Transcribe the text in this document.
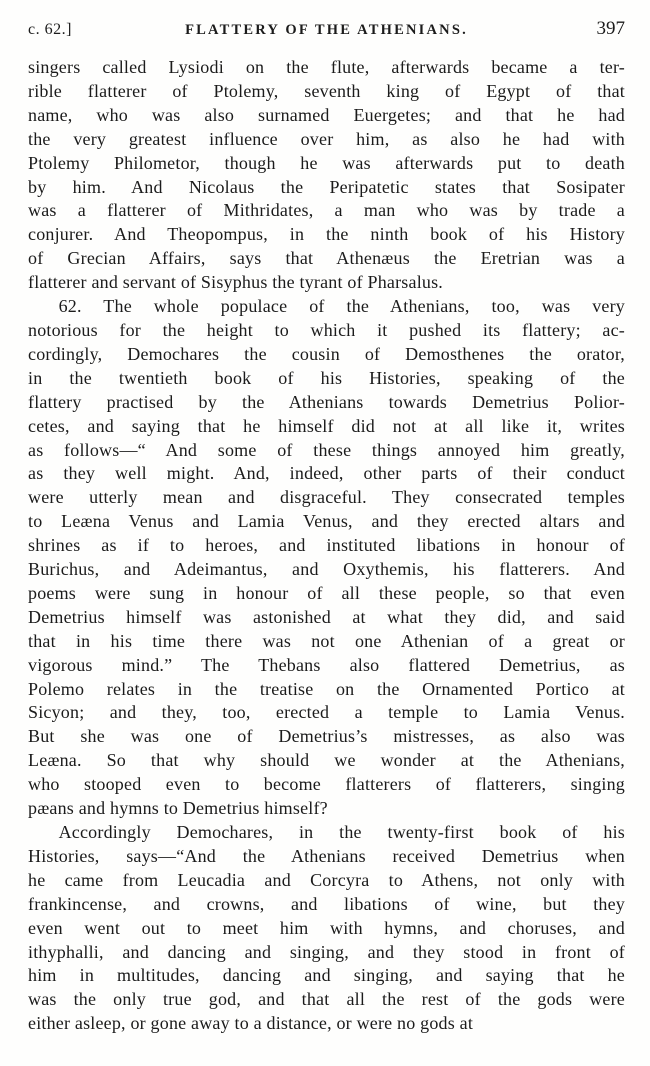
c. 62.]	FLATTERY OF THE ATHENIANS.	397
singers called Lysiodi on the flute, afterwards became a ter-
rible flatterer of Ptolemy, seventh king of Egypt of that
name, who was also surnamed Euergetes; and that he had
the very greatest influence over him, as also he had with
Ptolemy Philometor, though he was afterwards put to death
by him. And Nicolaus the Peripatetic states that Sosipater
was a flatterer of Mithridates, a man who was by trade a
conjurer. And Theopompus, in the ninth book of his History
of Grecian Affairs, says that Athenæus the Eretrian was a
flatterer and servant of Sisyphus the tyrant of Pharsalus.
62. The whole populace of the Athenians, too, was very
notorious for the height to which it pushed its flattery; ac-
cordingly, Demochares the cousin of Demosthenes the orator,
in the twentieth book of his Histories, speaking of the
flattery practised by the Athenians towards Demetrius Polior-
cetes, and saying that he himself did not at all like it, writes
as follows—“ And some of these things annoyed him greatly,
as they well might. And, indeed, other parts of their conduct
were utterly mean and disgraceful. They consecrated temples
to Leæna Venus and Lamia Venus, and they erected altars and
shrines as if to heroes, and instituted libations in honour of
Burichus, and Adeimantus, and Oxythemis, his flatterers. And
poems were sung in honour of all these people, so that even
Demetrius himself was astonished at what they did, and said
that in his time there was not one Athenian of a great or
vigorous mind.” The Thebans also flattered Demetrius, as
Polemo relates in the treatise on the Ornamented Portico at
Sicyon; and they, too, erected a temple to Lamia Venus.
But she was one of Demetrius’s mistresses, as also was
Leæna. So that why should we wonder at the Athenians,
who stooped even to become flatterers of flatterers, singing
pæans and hymns to Demetrius himself?
Accordingly Demochares, in the twenty-first book of his
Histories, says—“And the Athenians received Demetrius when
he came from Leucadia and Corcyra to Athens, not only with
frankincense, and crowns, and libations of wine, but they
even went out to meet him with hymns, and choruses, and
ithyphalli, and dancing and singing, and they stood in front of
him in multitudes, dancing and singing, and saying that he
was the only true god, and that all the rest of the gods were
either asleep, or gone away to a distance, or were no gods at
